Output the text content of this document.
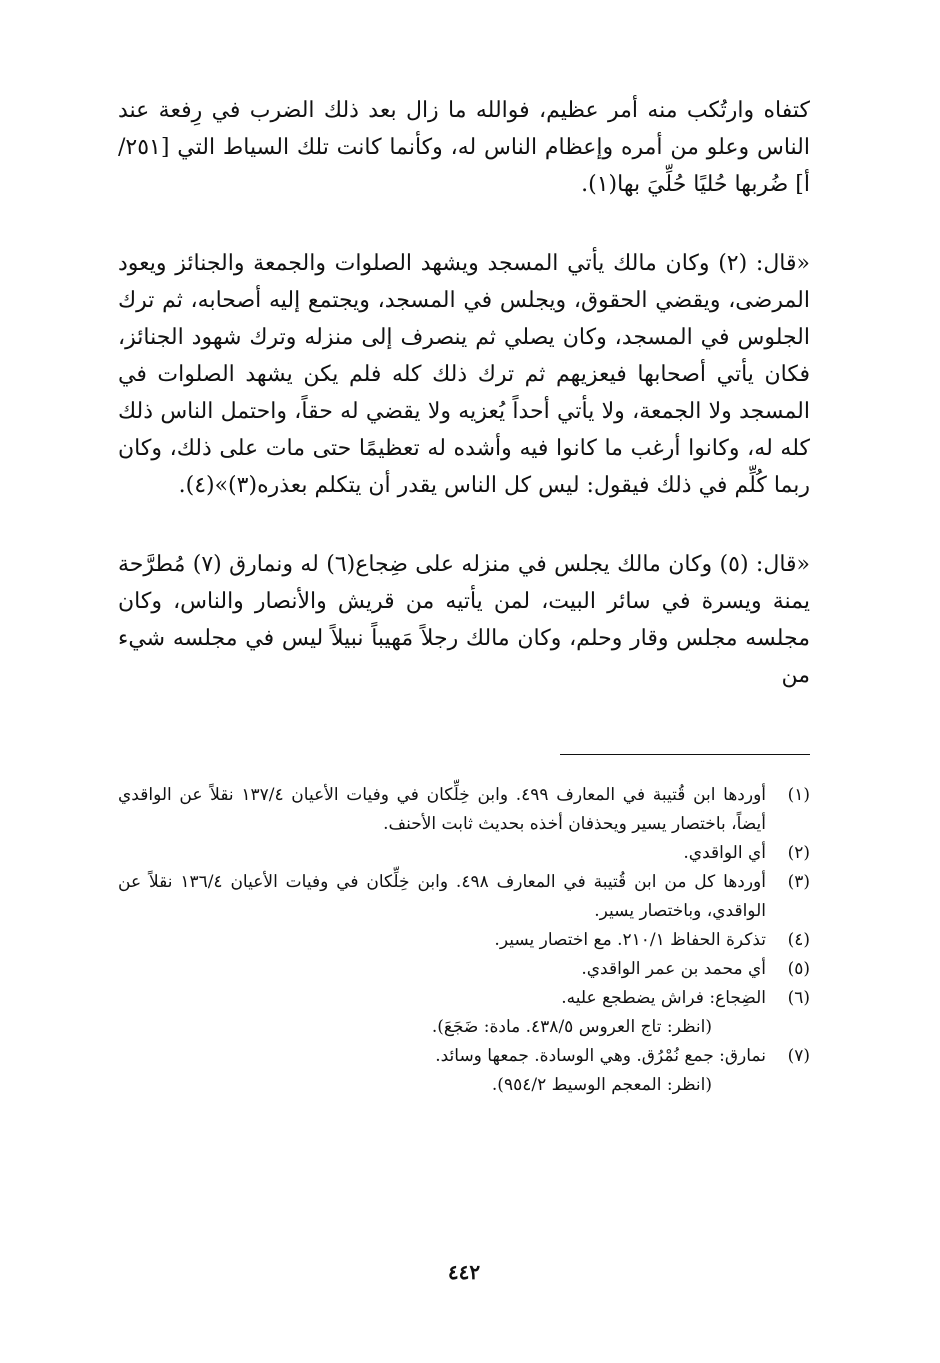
كتفاه وارتُكب منه أمر عظيم، فوالله ما زال بعد ذلك الضرب في رِفعة عند الناس وعلو من أمره وإعظام الناس له، وكأنما كانت تلك السياط التي [٢٥١/أ] ضُربها حُليًا حُلِّيَ بها(١).

«قال: (٢) وكان مالك يأتي المسجد ويشهد الصلوات والجمعة والجنائز ويعود المرضى، ويقضي الحقوق، ويجلس في المسجد، ويجتمع إليه أصحابه، ثم ترك الجلوس في المسجد، وكان يصلي ثم ينصرف إلى منزله وترك شهود الجنائز، فكان يأتي أصحابها فيعزيهم ثم ترك ذلك كله فلم يكن يشهد الصلوات في المسجد ولا الجمعة، ولا يأتي أحداً يُعزيه ولا يقضي له حقاً، واحتمل الناس ذلك كله له، وكانوا أرغب ما كانوا فيه وأشده له تعظيمًا حتى مات على ذلك، وكان ربما كُلِّم في ذلك فيقول: ليس كل الناس يقدر أن يتكلم بعذره(٣)»(٤).

«قال: (٥) وكان مالك يجلس في منزله على ضِجاع(٦) له ونمارق (٧) مُطرَّحة يمنة ويسرة في سائر البيت، لمن يأتيه من قريش والأنصار والناس، وكان مجلسه مجلس وقار وحلم، وكان مالك رجلاً مَهيباً نبيلاً ليس في مجلسه شيء من

(١)
أوردها ابن قُتيبة في المعارف ٤٩٩. وابن خِلِّكان في وفيات الأعيان ١٣٧/٤ نقلاً عن الواقدي أيضاً، باختصار يسير ويحذفان أخذه بحديث ثابت الأحنف.
(٢)
أي الواقدي.
(٣)
أوردها كل من ابن قُتيبة في المعارف ٤٩٨. وابن خِلِّكان في وفيات الأعيان ١٣٦/٤ نقلاً عن الواقدي، وباختصار يسير.
(٤)
تذكرة الحفاظ ٢١٠/١. مع اختصار يسير.
(٥)
أي محمد بن عمر الواقدي.
(٦)
الضِجاع: فراش يضطجع عليه.
(انظر: تاج العروس ٤٣٨/٥. مادة: ضَجَعَ).
(٧)
نمارق: جمع نُمْرُق. وهي الوسادة. جمعها وسائد.
(انظر: المعجم الوسيط ٩٥٤/٢).
٤٤٢
